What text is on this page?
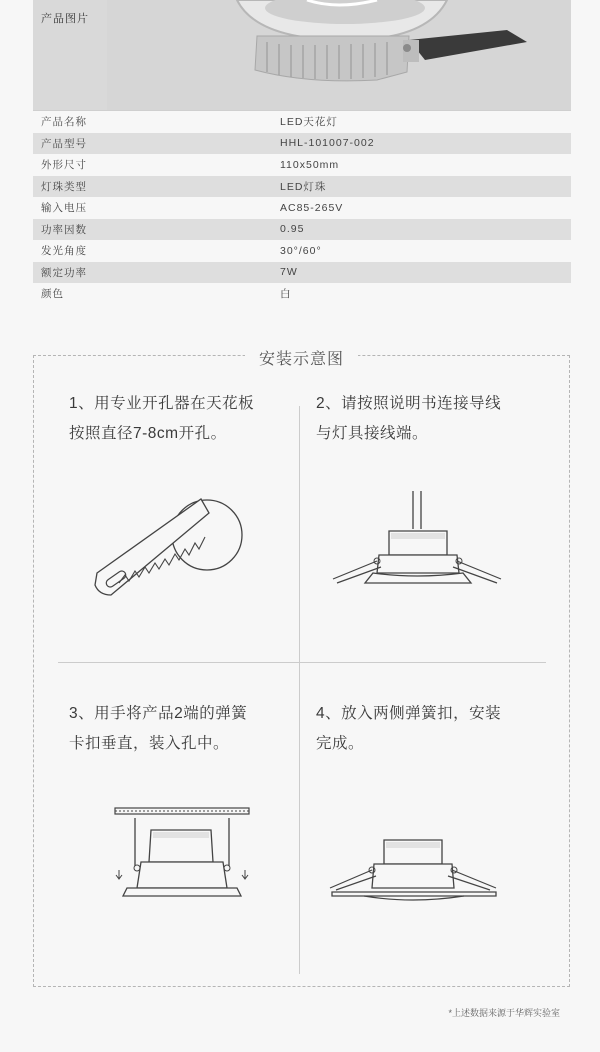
产品图片
产品名称	LED天花灯
产品型号	HHL-101007-002
外形尺寸	110x50mm
灯珠类型	LED灯珠
输入电压	AC85-265V
功率因数	0.95
发光角度	30°/60°
额定功率	7W
颜色	白
安装示意图
1、用专业开孔器在天花板
按照直径7-8cm开孔。
2、请按照说明书连接导线
与灯具接线端。
3、用手将产品2端的弹簧
卡扣垂直，装入孔中。
4、放入两侧弹簧扣，安装
完成。
*上述数据来源于华辉实验室
